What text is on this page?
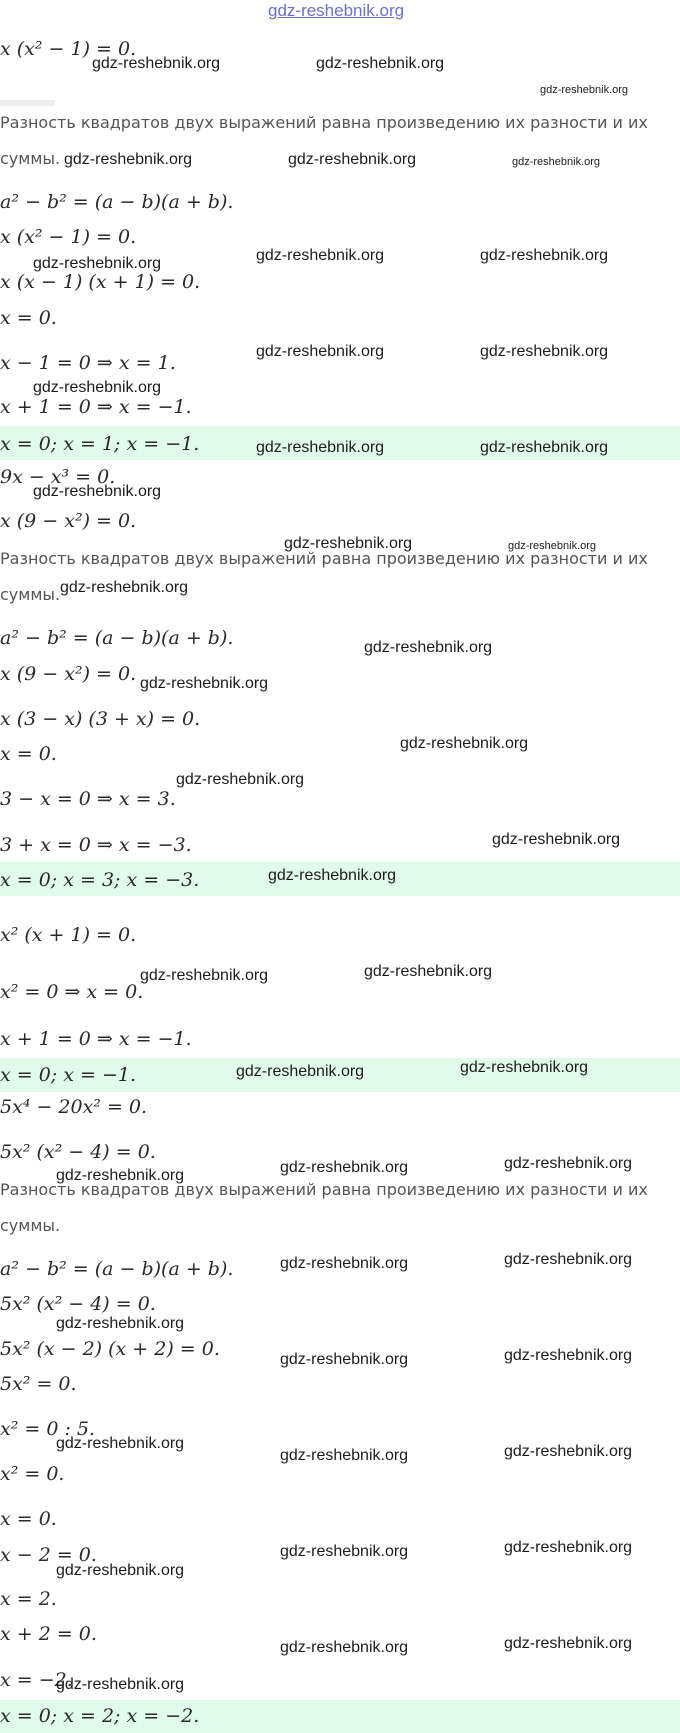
x (x² − 1) = 0.
Разность квадратов двух выражений равна произведению их разности и их
суммы.
a² − b² = (a − b)(a + b).
x (x² − 1) = 0.
x (x − 1) (x + 1) = 0.
x = 0.
x − 1 = 0 ⇒ x = 1.
x + 1 = 0 ⇒ x = −1.
x = 0; x = 1; x = −1.
9x − x³ = 0.
x (9 − x²) = 0.
Разность квадратов двух выражений равна произведению их разности и их
суммы.
a² − b² = (a − b)(a + b).
x (9 − x²) = 0.
x (3 − x) (3 + x) = 0.
x = 0.
3 − x = 0 ⇒ x = 3.
3 + x = 0 ⇒ x = −3.
x = 0; x = 3; x = −3.
x² (x + 1) = 0.
x² = 0 ⇒ x = 0.
x + 1 = 0 ⇒ x = −1.
x = 0; x = −1.
5x⁴ − 20x² = 0.
5x² (x² − 4) = 0.
Разность квадратов двух выражений равна произведению их разности и их
суммы.
a² − b² = (a − b)(a + b).
5x² (x² − 4) = 0.
5x² (x − 2) (x + 2) = 0.
5x² = 0.
x² = 0 : 5.
x² = 0.
x = 0.
x − 2 = 0.
x = 2.
x + 2 = 0.
x = −2.
x = 0; x = 2; x = −2.
gdz-reshebnik.org
gdz-reshebnik.org	gdz-reshebnik.org
gdz-reshebnik.org
gdz-reshebnik.org	gdz-reshebnik.org	gdz-reshebnik.org
gdz-reshebnik.org	gdz-reshebnik.org	gdz-reshebnik.org
gdz-reshebnik.org	gdz-reshebnik.org
gdz-reshebnik.org
gdz-reshebnik.org	gdz-reshebnik.org
gdz-reshebnik.org
gdz-reshebnik.org	gdz-reshebnik.org
gdz-reshebnik.org
gdz-reshebnik.org
gdz-reshebnik.org
gdz-reshebnik.org
gdz-reshebnik.org
gdz-reshebnik.org
gdz-reshebnik.org
gdz-reshebnik.org	gdz-reshebnik.org
gdz-reshebnik.org	gdz-reshebnik.org
gdz-reshebnik.org	gdz-reshebnik.org	gdz-reshebnik.org
gdz-reshebnik.org	gdz-reshebnik.org
gdz-reshebnik.org
gdz-reshebnik.org	gdz-reshebnik.org
gdz-reshebnik.org
gdz-reshebnik.org	gdz-reshebnik.org
gdz-reshebnik.org
gdz-reshebnik.org	gdz-reshebnik.org
gdz-reshebnik.org	gdz-reshebnik.org
gdz-reshebnik.org
